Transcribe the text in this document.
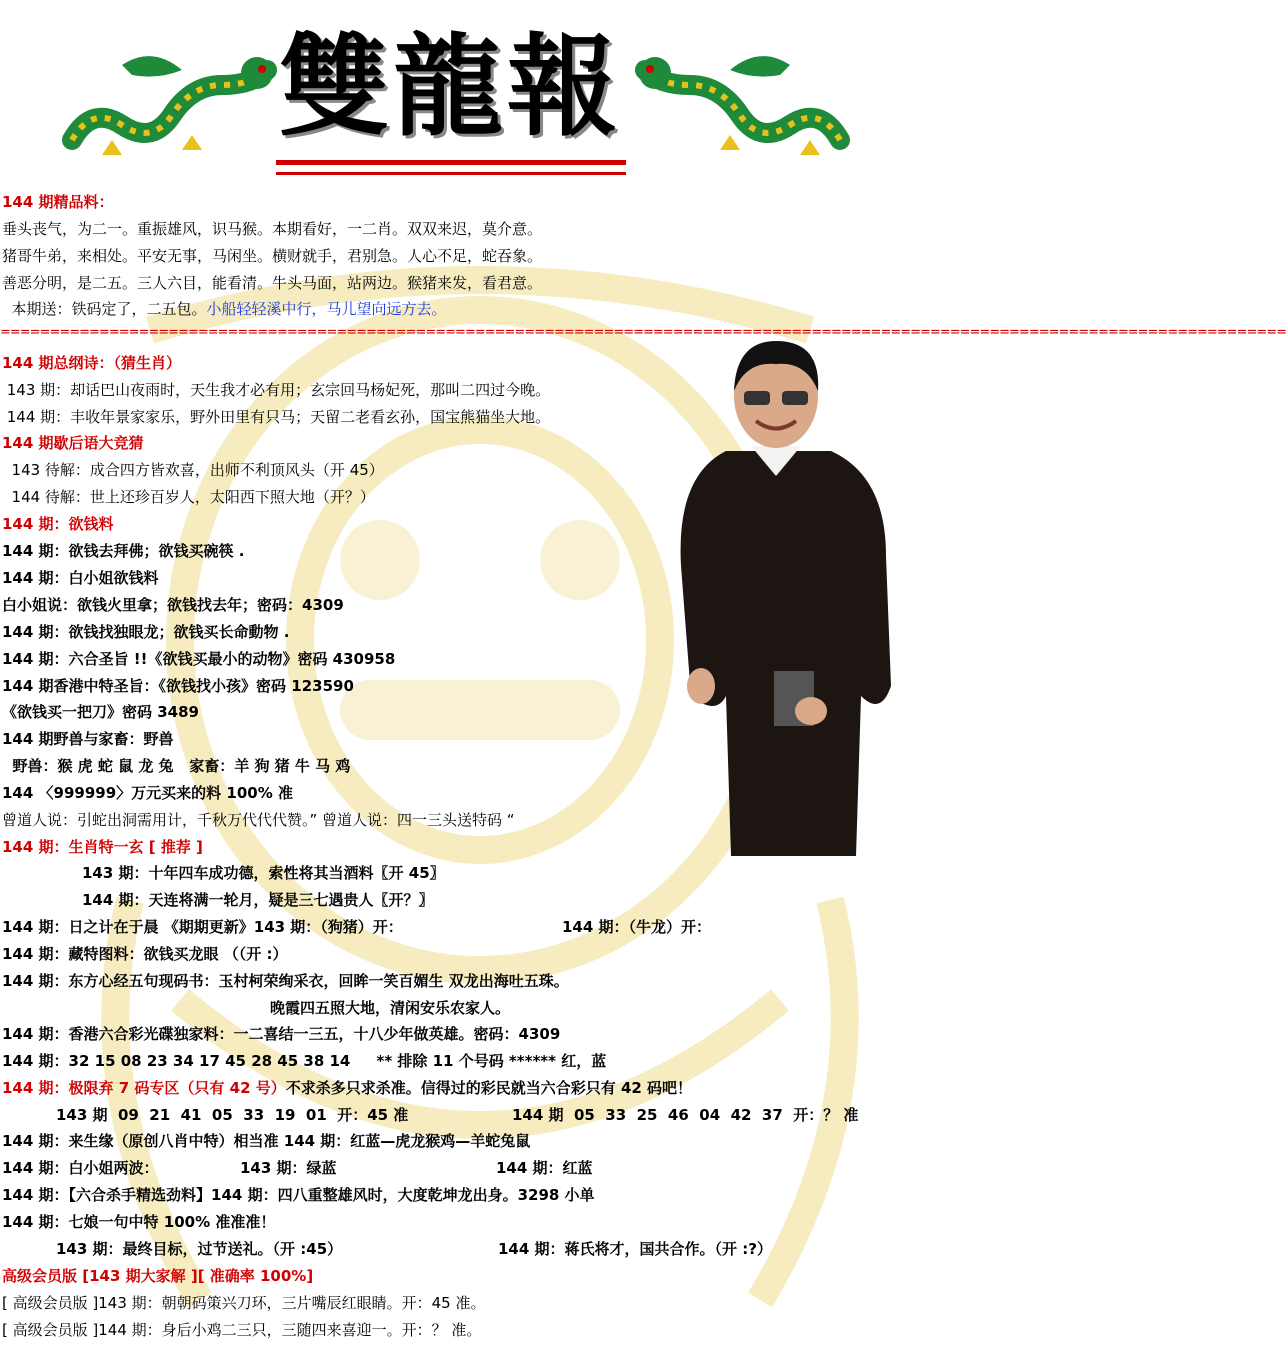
雙龍報
144 期精品料：
垂头丧气，为二一。重振雄风，识马猴。本期看好，一二肖。双双来迟，莫介意。
猪哥牛弟，来相处。平安无事，马闲坐。横财就手，君别急。人心不足，蛇吞象。
善恶分明，是二五。三人六目，能看清。牛头马面，站两边。猴猪来发，看君意。
本期送：铁码定了，二五包。小船轻轻溪中行，马儿望向远方去。
==================================================================================================================================
144 期总纲诗：（猜生肖）
143 期：却话巴山夜雨时，天生我才必有用；玄宗回马杨妃死，那叫二四过今晚。
144 期：丰收年景家家乐，野外田里有只马；天留二老看玄孙，国宝熊猫坐大地。
144 期歇后语大竞猜
143 待解：成合四方皆欢喜，出师不利顶风头（开 45）
144 待解：世上还珍百岁人，太阳西下照大地（开？）
144 期：欲钱料
144 期：欲钱去拜佛；欲钱买碗筷 .
144 期：白小姐欲钱料
白小姐说：欲钱火里拿；欲钱找去年；密码：4309
144 期：欲钱找独眼龙；欲钱买长命動物 .
144 期：六合圣旨 !!《欲钱买最小的动物》密码 430958
144 期香港中特圣旨：《欲钱找小孩》密码 123590
《欲钱买一把刀》密码 3489
144 期野兽与家畜：野兽
野兽：猴 虎 蛇 鼠 龙 兔   家畜：羊 狗 猪 牛 马 鸡
144 〈999999〉万元买来的料 100% 准
曾道人说：引蛇出洞需用计，千秋万代代代赞。” 曾道人说：四一三头送特码 “
144 期：生肖特一玄 [ 推荐 ]
143 期：十年四车成功德，索性将其当酒料〖开 45〗
144 期：天连将满一轮月，疑是三七遇贵人〖开？〗
144 期：日之计在于晨 《期期更新》143 期：（狗猪）开：	144 期：（牛龙）开：
144 期：藏特图料：欲钱买龙眼 （（开 :）
144 期：东方心经五句现码书：玉村柯荣绚采衣，回眸一笑百媚生 双龙出海吐五珠。
晚霞四五照大地，清闲安乐农家人。
144 期：香港六合彩光碟独家料：一二喜结一三五，十八少年做英雄。密码：4309
144 期：32 15 08 23 34 17 45 28 45 38 14     ** 排除 11 个号码 ****** 红，蓝
144 期：极限弃 7 码专区（只有 42 号）不求杀多只求杀准。信得过的彩民就当六合彩只有 42 码吧！
143 期  09  21  41  05  33  19  01  开：45 准	144 期  05  33  25  46  04  42  37  开：？ 准
144 期：来生缘（原创八肖中特）相当准 144 期：红蓝—虎龙猴鸡—羊蛇兔鼠
144 期：白小姐两波：	143 期：绿蓝	144 期：红蓝
144 期：【六合杀手精选劲料】144 期：四八重整雄风时，大度乾坤龙出身。3298 小单
144 期：七娘一句中特 100% 准准准！
143 期：最终目标，过节送礼。（开 :45）	144 期：蒋氏将才，国共合作。（开 :?）
高级会员版 [143 期大家解 ][ 准确率 100%]
[ 高级会员版 ]143 期：朝朝码策兴刀环，三片嘴辰红眼睛。开：45 准。
[ 高级会员版 ]144 期：身后小鸡二三只，三随四来喜迎一。开：？ 准。
